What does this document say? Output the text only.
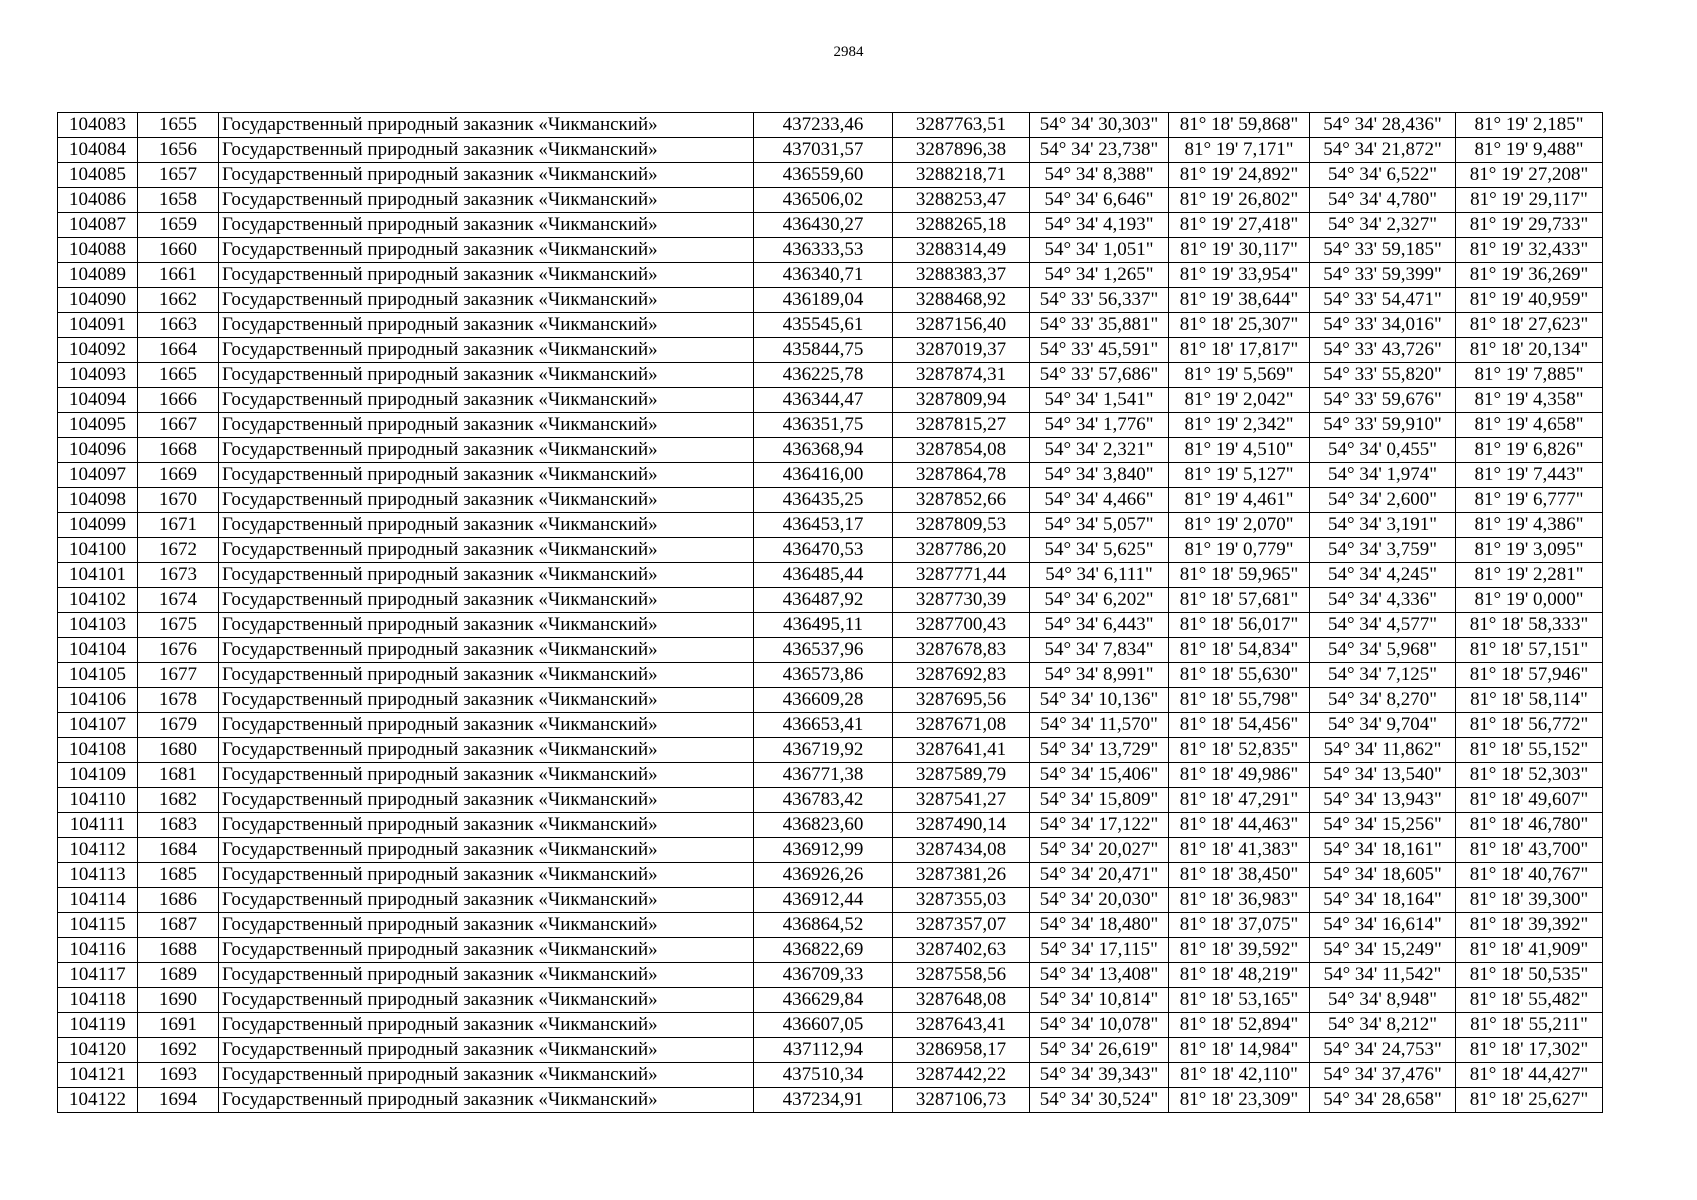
2984
104083	1655	Государственный природный заказник «Чикманский»	437233,46	3287763,51	54° 34' 30,303"	81° 18' 59,868"	54° 34' 28,436"	81° 19' 2,185"
104084	1656	Государственный природный заказник «Чикманский»	437031,57	3287896,38	54° 34' 23,738"	81° 19' 7,171"	54° 34' 21,872"	81° 19' 9,488"
104085	1657	Государственный природный заказник «Чикманский»	436559,60	3288218,71	54° 34' 8,388"	81° 19' 24,892"	54° 34' 6,522"	81° 19' 27,208"
104086	1658	Государственный природный заказник «Чикманский»	436506,02	3288253,47	54° 34' 6,646"	81° 19' 26,802"	54° 34' 4,780"	81° 19' 29,117"
104087	1659	Государственный природный заказник «Чикманский»	436430,27	3288265,18	54° 34' 4,193"	81° 19' 27,418"	54° 34' 2,327"	81° 19' 29,733"
104088	1660	Государственный природный заказник «Чикманский»	436333,53	3288314,49	54° 34' 1,051"	81° 19' 30,117"	54° 33' 59,185"	81° 19' 32,433"
104089	1661	Государственный природный заказник «Чикманский»	436340,71	3288383,37	54° 34' 1,265"	81° 19' 33,954"	54° 33' 59,399"	81° 19' 36,269"
104090	1662	Государственный природный заказник «Чикманский»	436189,04	3288468,92	54° 33' 56,337"	81° 19' 38,644"	54° 33' 54,471"	81° 19' 40,959"
104091	1663	Государственный природный заказник «Чикманский»	435545,61	3287156,40	54° 33' 35,881"	81° 18' 25,307"	54° 33' 34,016"	81° 18' 27,623"
104092	1664	Государственный природный заказник «Чикманский»	435844,75	3287019,37	54° 33' 45,591"	81° 18' 17,817"	54° 33' 43,726"	81° 18' 20,134"
104093	1665	Государственный природный заказник «Чикманский»	436225,78	3287874,31	54° 33' 57,686"	81° 19' 5,569"	54° 33' 55,820"	81° 19' 7,885"
104094	1666	Государственный природный заказник «Чикманский»	436344,47	3287809,94	54° 34' 1,541"	81° 19' 2,042"	54° 33' 59,676"	81° 19' 4,358"
104095	1667	Государственный природный заказник «Чикманский»	436351,75	3287815,27	54° 34' 1,776"	81° 19' 2,342"	54° 33' 59,910"	81° 19' 4,658"
104096	1668	Государственный природный заказник «Чикманский»	436368,94	3287854,08	54° 34' 2,321"	81° 19' 4,510"	54° 34' 0,455"	81° 19' 6,826"
104097	1669	Государственный природный заказник «Чикманский»	436416,00	3287864,78	54° 34' 3,840"	81° 19' 5,127"	54° 34' 1,974"	81° 19' 7,443"
104098	1670	Государственный природный заказник «Чикманский»	436435,25	3287852,66	54° 34' 4,466"	81° 19' 4,461"	54° 34' 2,600"	81° 19' 6,777"
104099	1671	Государственный природный заказник «Чикманский»	436453,17	3287809,53	54° 34' 5,057"	81° 19' 2,070"	54° 34' 3,191"	81° 19' 4,386"
104100	1672	Государственный природный заказник «Чикманский»	436470,53	3287786,20	54° 34' 5,625"	81° 19' 0,779"	54° 34' 3,759"	81° 19' 3,095"
104101	1673	Государственный природный заказник «Чикманский»	436485,44	3287771,44	54° 34' 6,111"	81° 18' 59,965"	54° 34' 4,245"	81° 19' 2,281"
104102	1674	Государственный природный заказник «Чикманский»	436487,92	3287730,39	54° 34' 6,202"	81° 18' 57,681"	54° 34' 4,336"	81° 19' 0,000"
104103	1675	Государственный природный заказник «Чикманский»	436495,11	3287700,43	54° 34' 6,443"	81° 18' 56,017"	54° 34' 4,577"	81° 18' 58,333"
104104	1676	Государственный природный заказник «Чикманский»	436537,96	3287678,83	54° 34' 7,834"	81° 18' 54,834"	54° 34' 5,968"	81° 18' 57,151"
104105	1677	Государственный природный заказник «Чикманский»	436573,86	3287692,83	54° 34' 8,991"	81° 18' 55,630"	54° 34' 7,125"	81° 18' 57,946"
104106	1678	Государственный природный заказник «Чикманский»	436609,28	3287695,56	54° 34' 10,136"	81° 18' 55,798"	54° 34' 8,270"	81° 18' 58,114"
104107	1679	Государственный природный заказник «Чикманский»	436653,41	3287671,08	54° 34' 11,570"	81° 18' 54,456"	54° 34' 9,704"	81° 18' 56,772"
104108	1680	Государственный природный заказник «Чикманский»	436719,92	3287641,41	54° 34' 13,729"	81° 18' 52,835"	54° 34' 11,862"	81° 18' 55,152"
104109	1681	Государственный природный заказник «Чикманский»	436771,38	3287589,79	54° 34' 15,406"	81° 18' 49,986"	54° 34' 13,540"	81° 18' 52,303"
104110	1682	Государственный природный заказник «Чикманский»	436783,42	3287541,27	54° 34' 15,809"	81° 18' 47,291"	54° 34' 13,943"	81° 18' 49,607"
104111	1683	Государственный природный заказник «Чикманский»	436823,60	3287490,14	54° 34' 17,122"	81° 18' 44,463"	54° 34' 15,256"	81° 18' 46,780"
104112	1684	Государственный природный заказник «Чикманский»	436912,99	3287434,08	54° 34' 20,027"	81° 18' 41,383"	54° 34' 18,161"	81° 18' 43,700"
104113	1685	Государственный природный заказник «Чикманский»	436926,26	3287381,26	54° 34' 20,471"	81° 18' 38,450"	54° 34' 18,605"	81° 18' 40,767"
104114	1686	Государственный природный заказник «Чикманский»	436912,44	3287355,03	54° 34' 20,030"	81° 18' 36,983"	54° 34' 18,164"	81° 18' 39,300"
104115	1687	Государственный природный заказник «Чикманский»	436864,52	3287357,07	54° 34' 18,480"	81° 18' 37,075"	54° 34' 16,614"	81° 18' 39,392"
104116	1688	Государственный природный заказник «Чикманский»	436822,69	3287402,63	54° 34' 17,115"	81° 18' 39,592"	54° 34' 15,249"	81° 18' 41,909"
104117	1689	Государственный природный заказник «Чикманский»	436709,33	3287558,56	54° 34' 13,408"	81° 18' 48,219"	54° 34' 11,542"	81° 18' 50,535"
104118	1690	Государственный природный заказник «Чикманский»	436629,84	3287648,08	54° 34' 10,814"	81° 18' 53,165"	54° 34' 8,948"	81° 18' 55,482"
104119	1691	Государственный природный заказник «Чикманский»	436607,05	3287643,41	54° 34' 10,078"	81° 18' 52,894"	54° 34' 8,212"	81° 18' 55,211"
104120	1692	Государственный природный заказник «Чикманский»	437112,94	3286958,17	54° 34' 26,619"	81° 18' 14,984"	54° 34' 24,753"	81° 18' 17,302"
104121	1693	Государственный природный заказник «Чикманский»	437510,34	3287442,22	54° 34' 39,343"	81° 18' 42,110"	54° 34' 37,476"	81° 18' 44,427"
104122	1694	Государственный природный заказник «Чикманский»	437234,91	3287106,73	54° 34' 30,524"	81° 18' 23,309"	54° 34' 28,658"	81° 18' 25,627"
